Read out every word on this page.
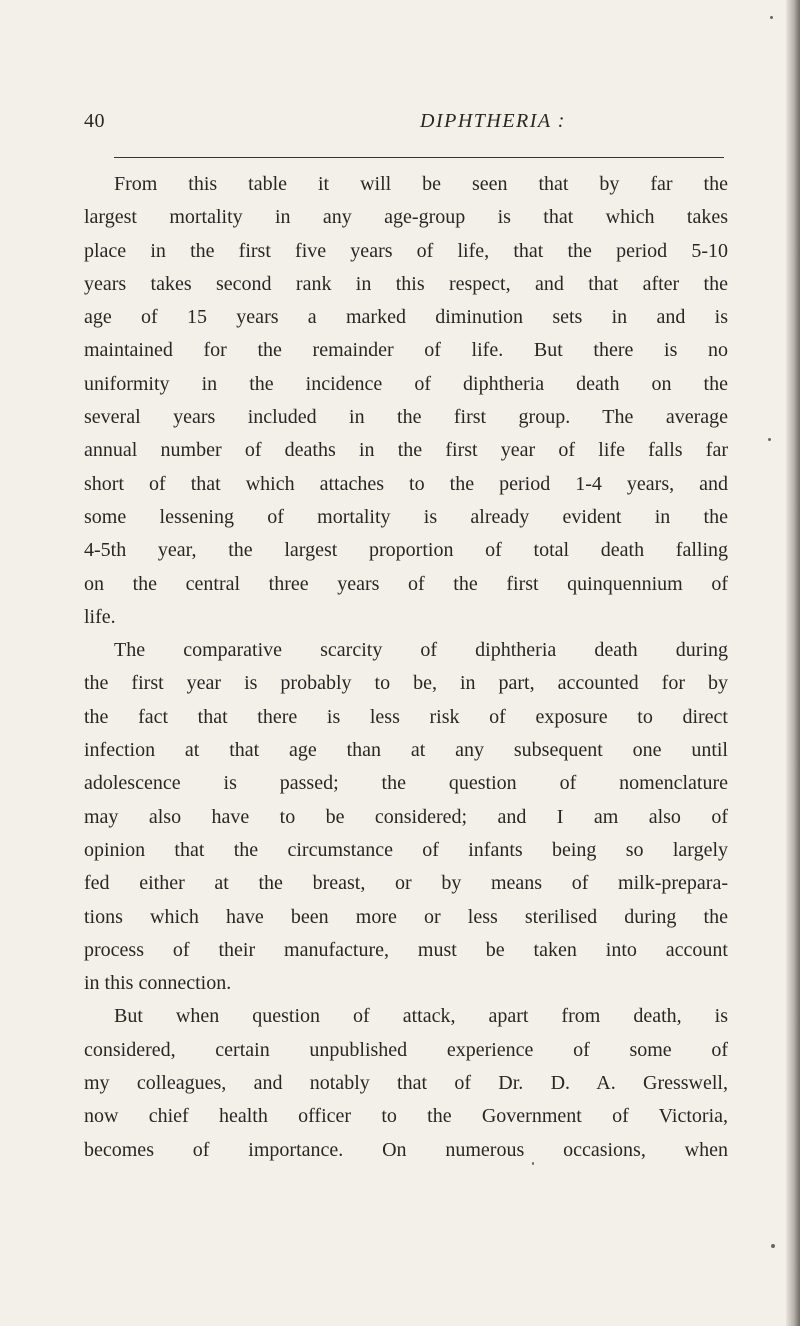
40	DIPHTHERIA :
From this table it will be seen that by far the
largest mortality in any age-group is that which takes
place in the first five years of life, that the period 5-10
years takes second rank in this respect, and that after the
age of 15 years a marked diminution sets in and is
maintained for the remainder of life. But there is no
uniformity in the incidence of diphtheria death on the
several years included in the first group. The average
annual number of deaths in the first year of life falls far
short of that which attaches to the period 1-4 years, and
some lessening of mortality is already evident in the
4-5th year, the largest proportion of total death falling
on the central three years of the first quinquennium of
life.
The comparative scarcity of diphtheria death during
the first year is probably to be, in part, accounted for by
the fact that there is less risk of exposure to direct
infection at that age than at any subsequent one until
adolescence is passed; the question of nomenclature
may also have to be considered; and I am also of
opinion that the circumstance of infants being so largely
fed either at the breast, or by means of milk-prepara-
tions which have been more or less sterilised during the
process of their manufacture, must be taken into account
in this connection.
But when question of attack, apart from death, is
considered, certain unpublished experience of some of
my colleagues, and notably that of Dr. D. A. Gresswell,
now chief health officer to the Government of Victoria,
becomes of importance. On numerous occasions, when
